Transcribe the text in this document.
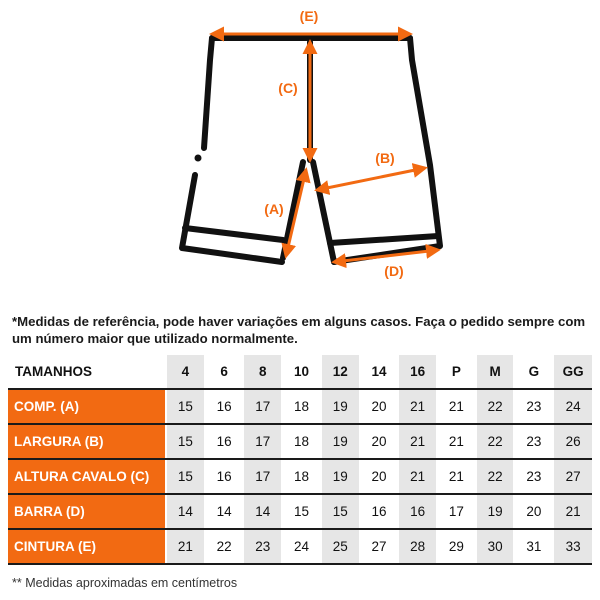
(E)
(C)
(B)
(A)
(D)
*Medidas de referência, pode haver variações em alguns casos. Faça o pedido sempre com um número maior que utilizado normalmente.
TAMANHOS	4	6	8	10	12	14	16	P	M	G	GG
COMP. (A)	15	16	17	18	19	20	21	21	22	23	24
LARGURA (B)	15	16	17	18	19	20	21	21	22	23	26
ALTURA CAVALO (C)	15	16	17	18	19	20	21	21	22	23	27
BARRA (D)	14	14	14	15	15	16	16	17	19	20	21
CINTURA (E)	21	22	23	24	25	27	28	29	30	31	33
** Medidas aproximadas em centímetros
